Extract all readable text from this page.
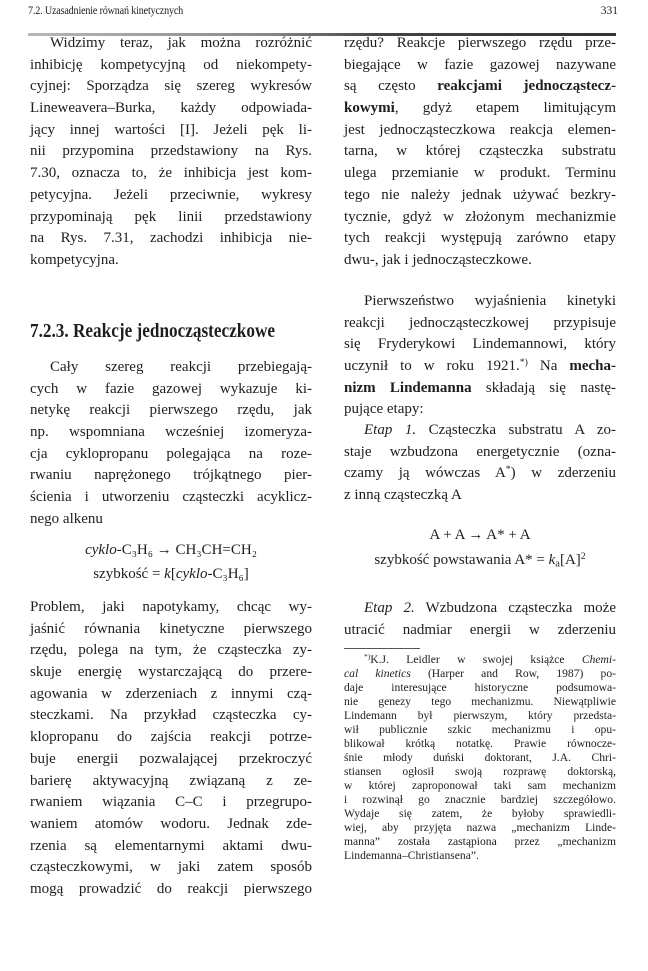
7.2. Uzasadnienie równań kinetycznych	331
Widzimy teraz, jak można rozróżnić
inhibicję kompetycyjną od niekompety-
cyjnej: Sporządza się szereg wykresów
Lineweavera–Burka, każdy odpowiada-
jący innej wartości [I]. Jeżeli pęk li-
nii przypomina przedstawiony na Rys.
7.30, oznacza to, że inhibicja jest kom-
petycyjna. Jeżeli przeciwnie, wykresy
przypominają pęk linii przedstawiony
na Rys. 7.31, zachodzi inhibicja nie-
kompetycyjna.
7.2.3. Reakcje jednocząsteczkowe
Cały szereg reakcji przebiegają-
cych w fazie gazowej wykazuje ki-
netykę reakcji pierwszego rzędu, jak
np. wspomniana wcześniej izomeryza-
cja cyklopropanu polegająca na roze-
rwaniu naprężonego trójkątnego pier-
ścienia i utworzeniu cząsteczki acyklicz-
nego alkenu
cyklo-C₃H₆ → CH₃CH=CH₂
szybkość = k[cyklo-C₃H₆]
Problem, jaki napotykamy, chcąc wy-
jaśnić równania kinetyczne pierwszego
rzędu, polega na tym, że cząsteczka zy-
skuje energię wystarczającą do przere-
agowania w zderzeniach z innymi czą-
steczkami. Na przykład cząsteczka cy-
klopropanu do zajścia reakcji potrze-
buje energii pozwalającej przekroczyć
barierę aktywacyjną związaną z ze-
rwaniem wiązania C–C i przegrupo-
waniem atomów wodoru. Jednak zde-
rzenia są elementarnymi aktami dwu-
cząsteczkowymi, w jaki zatem sposób
mogą prowadzić do reakcji pierwszego
rzędu? Reakcje pierwszego rzędu prze-
biegające w fazie gazowej nazywane
są często reakcjami jednocząstecz-
kowymi, gdyż etapem limitującym
jest jednocząsteczkowa reakcja elemen-
tarna, w której cząsteczka substratu
ulega przemianie w produkt. Terminu
tego nie należy jednak używać bezkry-
tycznie, gdyż w złożonym mechanizmie
tych reakcji występują zarówno etapy
dwu-, jak i jednocząsteczkowe.
Pierwszeństwo wyjaśnienia kinetyki
reakcji jednocząsteczkowej przypisuje
się Fryderykowi Lindemannowi, który
uczynił to w roku 1921.*) Na mecha-
nizm Lindemanna składają się nastę-
pujące etapy:
Etap 1. Cząsteczka substratu A zo-
staje wzbudzona energetycznie (ozna-
czamy ją wówczas A*) w zderzeniu
z inną cząsteczką A
A + A → A* + A
szybkość powstawania $A* = k_a[A]^2$
Etap 2. Wzbudzona cząsteczka może
utracić nadmiar energii w zderzeniu
*)K.J. Leidler w swojej książce Chemi-
cal kinetics (Harper and Row, 1987) po-
daje interesujące historyczne podsumowa-
nie genezy tego mechanizmu. Niewątpliwie
Lindemann był pierwszym, który przedsta-
wił publicznie szkic mechanizmu i opu-
blikował krótką notatkę. Prawie równocze-
śnie młody duński doktorant, J.A. Chri-
stiansen ogłosił swoją rozprawę doktorską,
w której zaproponował taki sam mechanizm
i rozwinął go znacznie bardziej szczegółowo.
Wydaje się zatem, że byłoby sprawiedli-
wiej, aby przyjęta nazwa „mechanizm Linde-
manna” została zastąpiona przez „mechanizm
Lindemanna–Christiansena”.
